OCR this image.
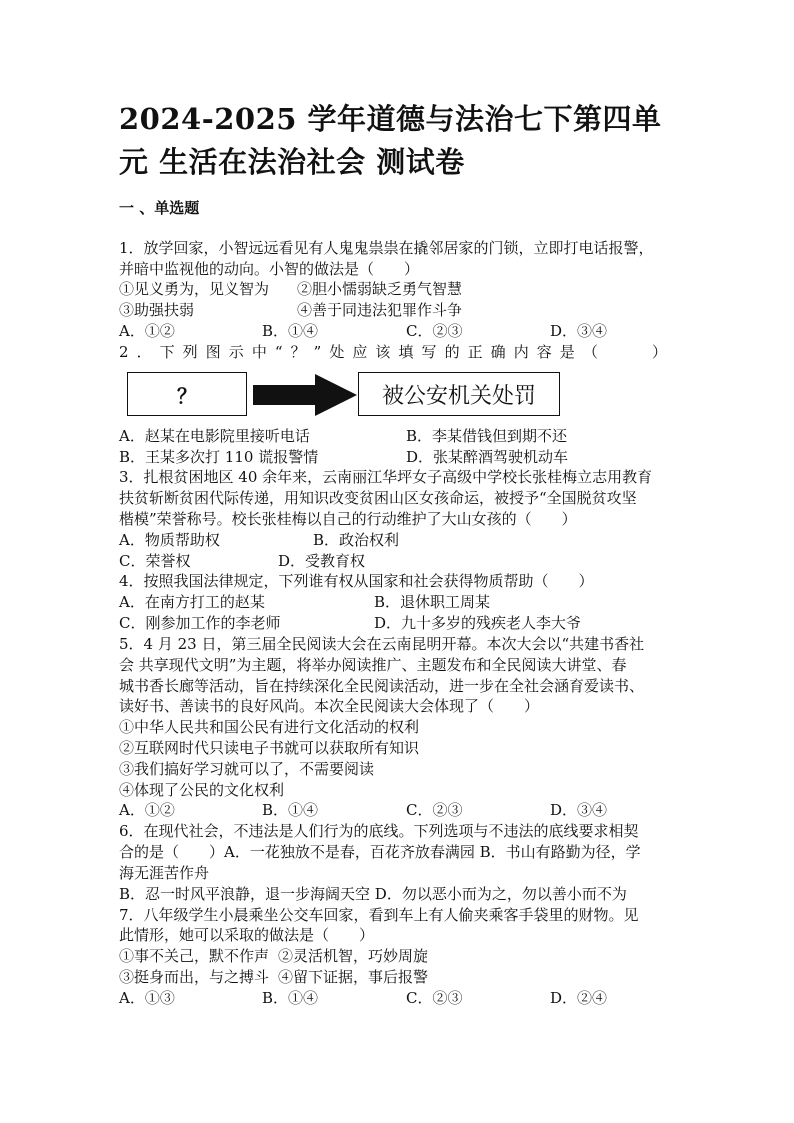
2024-2025 学年道德与法治七下第四单元 生活在法治社会 测试卷
一 、单选题
1．放学回家，小智远远看见有人鬼鬼祟祟在撬邻居家的门锁，立即打电话报警，
并暗中监视他的动向。小智的做法是（　　）
①见义勇为，见义智为 ②胆小懦弱缺乏勇气智慧
③助强扶弱	④善于同违法犯罪作斗争
A．①②	B．①④	C．②③	D．③④
2．下列图示中“？”处应该填写的正确内容是（　　）
？	被公安机关处罚
A．赵某在电影院里接听电话	B．李某借钱但到期不还
B．王某多次打 110 谎报警情	D．张某醉酒驾驶机动车
3．扎根贫困地区 40 余年来，云南丽江华坪女子高级中学校长张桂梅立志用教育
扶贫斩断贫困代际传递，用知识改变贫困山区女孩命运，被授予“全国脱贫攻坚
楷模”荣誉称号。校长张桂梅以自己的行动维护了大山女孩的（　　）
A．物质帮助权	B．政治权利
C．荣誉权	D．受教育权
4．按照我国法律规定，下列谁有权从国家和社会获得物质帮助（　　）
A．在南方打工的赵某	B．退休职工周某
C．刚参加工作的李老师	D．九十多岁的残疾老人李大爷
5．4 月 23 日，第三届全民阅读大会在云南昆明开幕。本次大会以“共建书香社
会 共享现代文明”为主题，将举办阅读推广、主题发布和全民阅读大讲堂、春
城书香长廊等活动，旨在持续深化全民阅读活动，进一步在全社会涵育爱读书、
读好书、善读书的良好风尚。本次全民阅读大会体现了（　　）
①中华人民共和国公民有进行文化活动的权利
②互联网时代只读电子书就可以获取所有知识
③我们搞好学习就可以了，不需要阅读
④体现了公民的文化权利
A．①②	B．①④	C．②③	D．③④
6．在现代社会，不违法是人们行为的底线。下列选项与不违法的底线要求相契
合的是（　　）A．一花独放不是春，百花齐放春满园 B．书山有路勤为径，学
海无涯苦作舟
B．忍一时风平浪静，退一步海阔天空 D．勿以恶小而为之，勿以善小而不为
7．八年级学生小晨乘坐公交车回家，看到车上有人偷夹乘客手袋里的财物。见
此情形，她可以采取的做法是（　　）
①事不关己，默不作声 ②灵活机智，巧妙周旋
③挺身而出，与之搏斗 ④留下证据，事后报警
A．①③	B．①④	C．②③	D．②④
